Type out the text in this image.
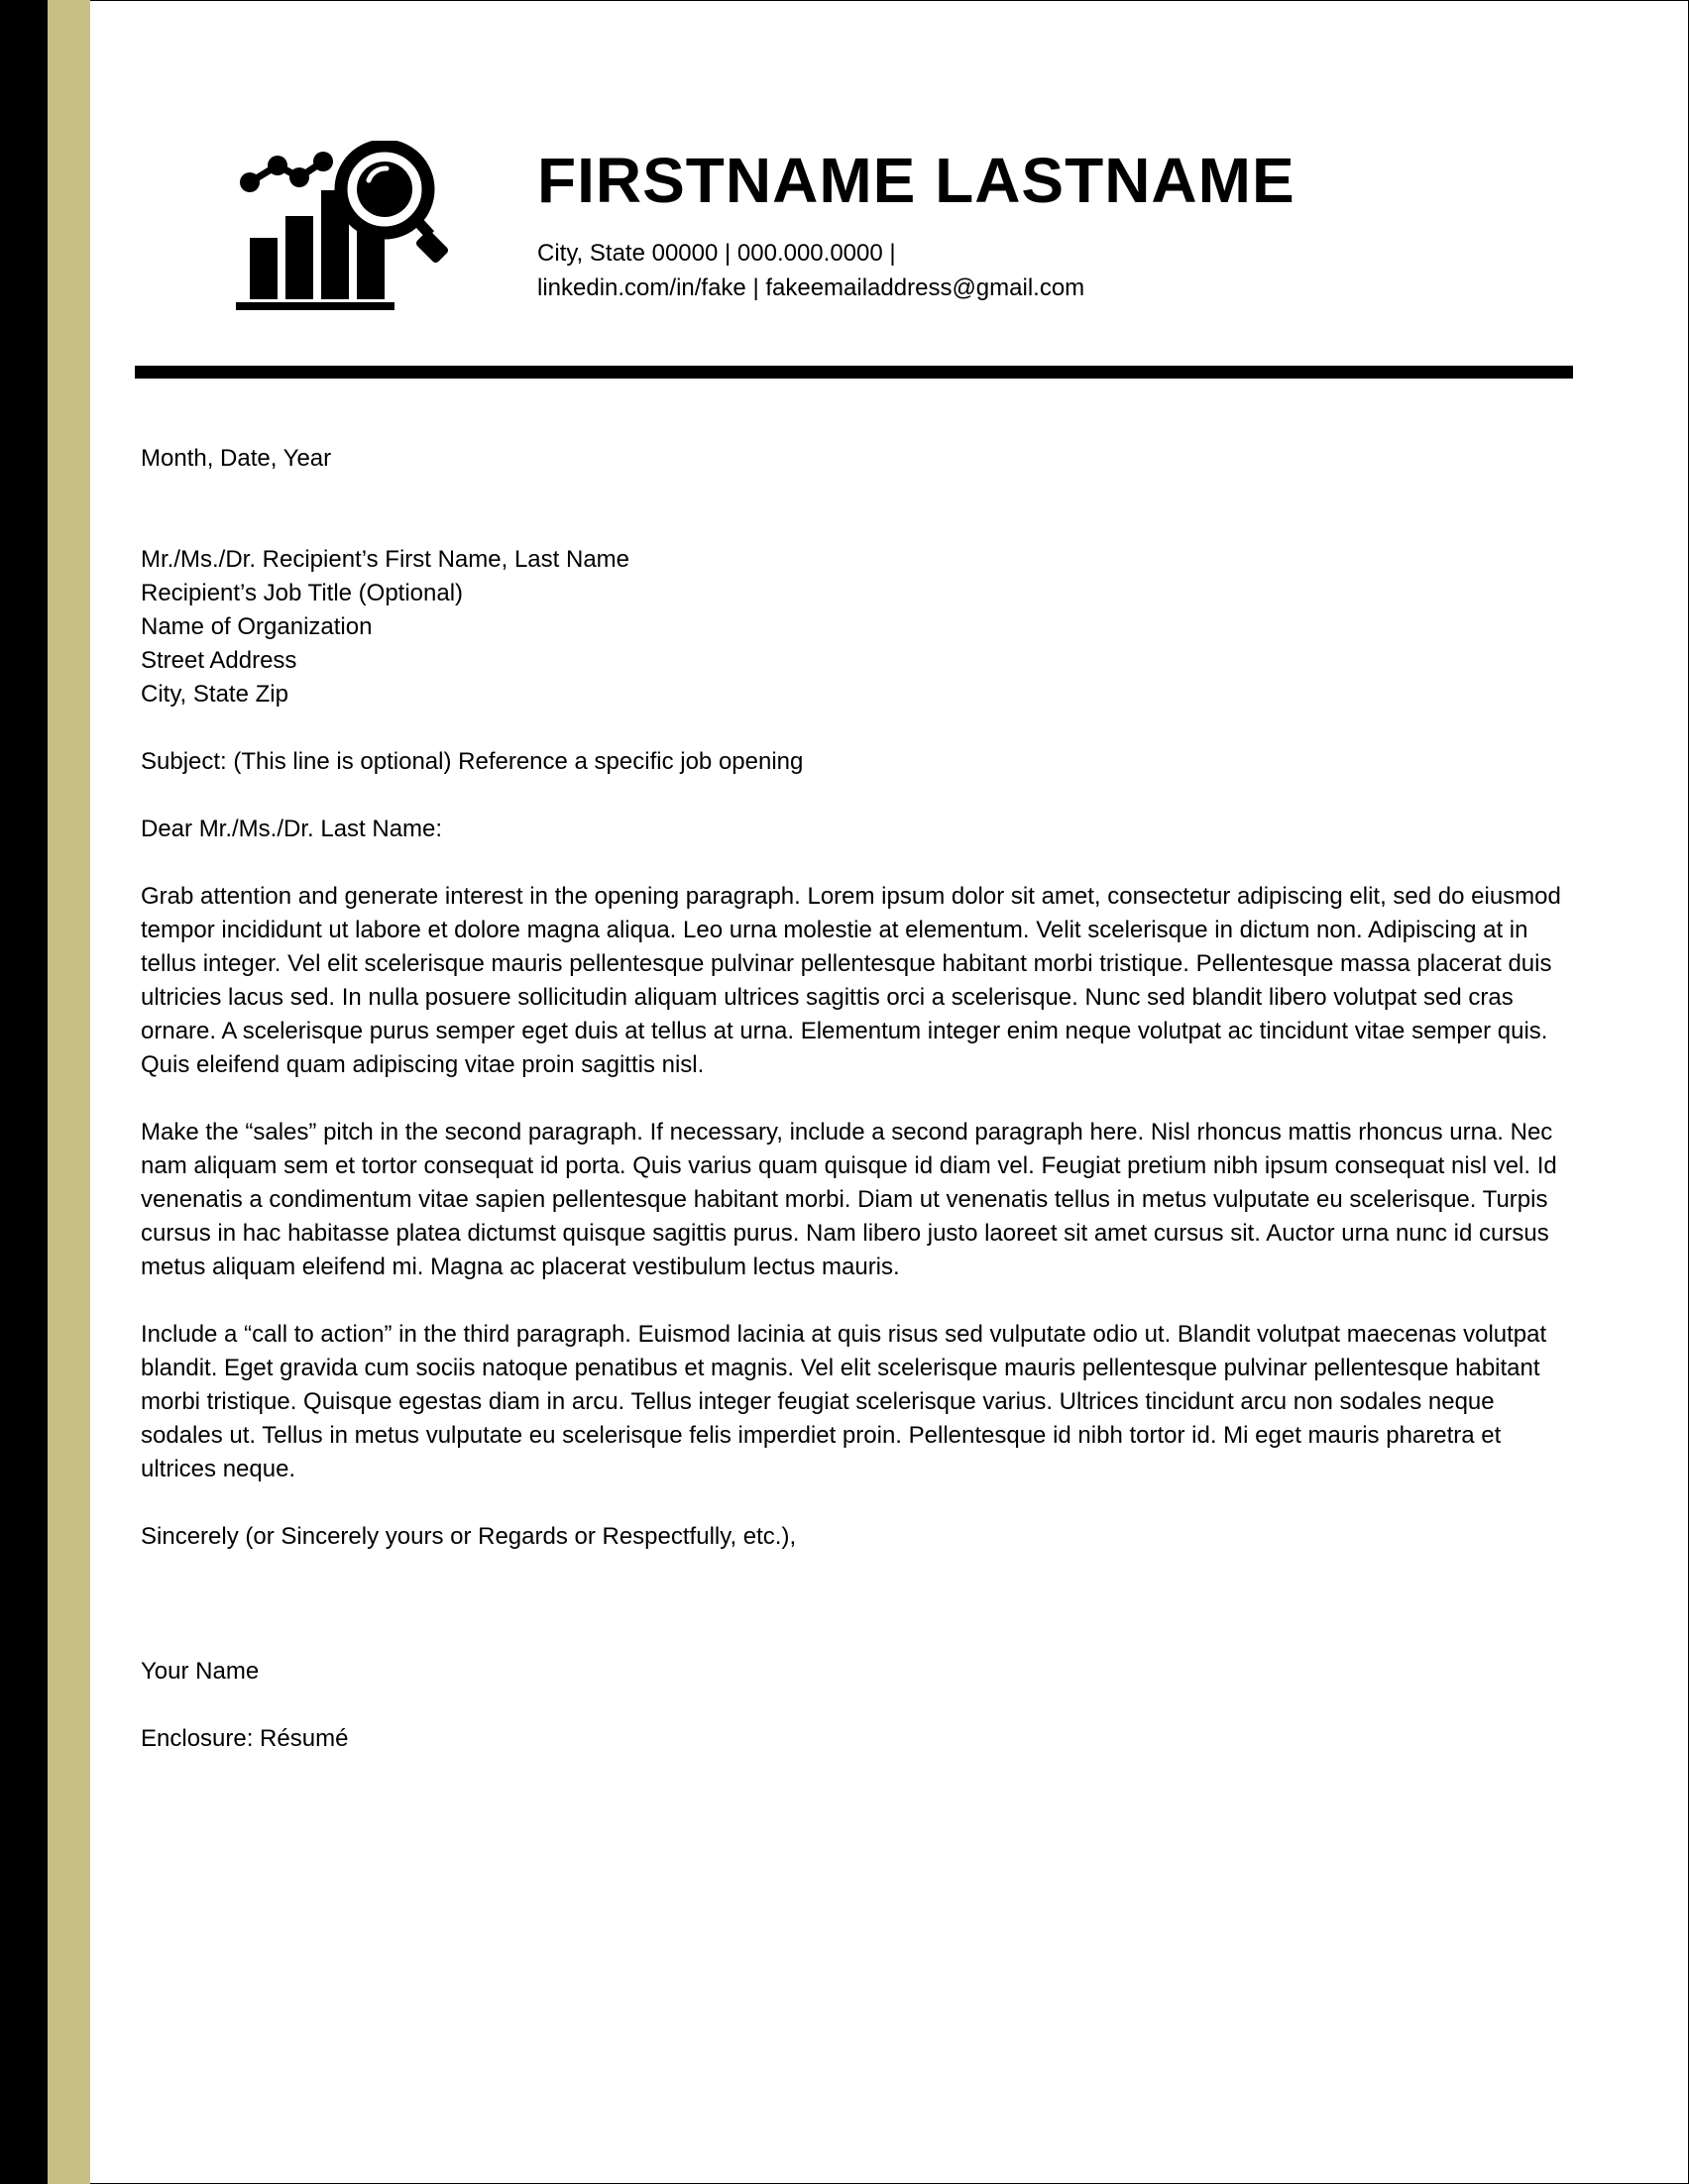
FIRSTNAME LASTNAME
City, State 00000 | 000.000.0000 |
linkedin.com/in/fake | fakeemailaddress@gmail.com

Month, Date, Year

Mr./Ms./Dr. Recipient’s First Name, Last Name
Recipient’s Job Title (Optional)
Name of Organization
Street Address
City, State Zip

Subject: (This line is optional) Reference a specific job opening

Dear Mr./Ms./Dr. Last Name:

Grab attention and generate interest in the opening paragraph. Lorem ipsum dolor sit amet, consectetur adipiscing elit, sed do eiusmod tempor incididunt ut labore et dolore magna aliqua. Leo urna molestie at elementum. Velit scelerisque in dictum non. Adipiscing at in tellus integer. Vel elit scelerisque mauris pellentesque pulvinar pellentesque habitant morbi tristique. Pellentesque massa placerat duis ultricies lacus sed. In nulla posuere sollicitudin aliquam ultrices sagittis orci a scelerisque. Nunc sed blandit libero volutpat sed cras ornare. A scelerisque purus semper eget duis at tellus at urna. Elementum integer enim neque volutpat ac tincidunt vitae semper quis. Quis eleifend quam adipiscing vitae proin sagittis nisl.

Make the “sales” pitch in the second paragraph. If necessary, include a second paragraph here. Nisl rhoncus mattis rhoncus urna. Nec nam aliquam sem et tortor consequat id porta. Quis varius quam quisque id diam vel. Feugiat pretium nibh ipsum consequat nisl vel. Id venenatis a condimentum vitae sapien pellentesque habitant morbi. Diam ut venenatis tellus in metus vulputate eu scelerisque. Turpis cursus in hac habitasse platea dictumst quisque sagittis purus. Nam libero justo laoreet sit amet cursus sit. Auctor urna nunc id cursus metus aliquam eleifend mi. Magna ac placerat vestibulum lectus mauris.

Include a “call to action” in the third paragraph. Euismod lacinia at quis risus sed vulputate odio ut. Blandit volutpat maecenas volutpat blandit. Eget gravida cum sociis natoque penatibus et magnis. Vel elit scelerisque mauris pellentesque pulvinar pellentesque habitant morbi tristique. Quisque egestas diam in arcu. Tellus integer feugiat scelerisque varius. Ultrices tincidunt arcu non sodales neque sodales ut. Tellus in metus vulputate eu scelerisque felis imperdiet proin. Pellentesque id nibh tortor id. Mi eget mauris pharetra et ultrices neque.

Sincerely (or Sincerely yours or Regards or Respectfully, etc.),

Your Name

Enclosure: Résumé
